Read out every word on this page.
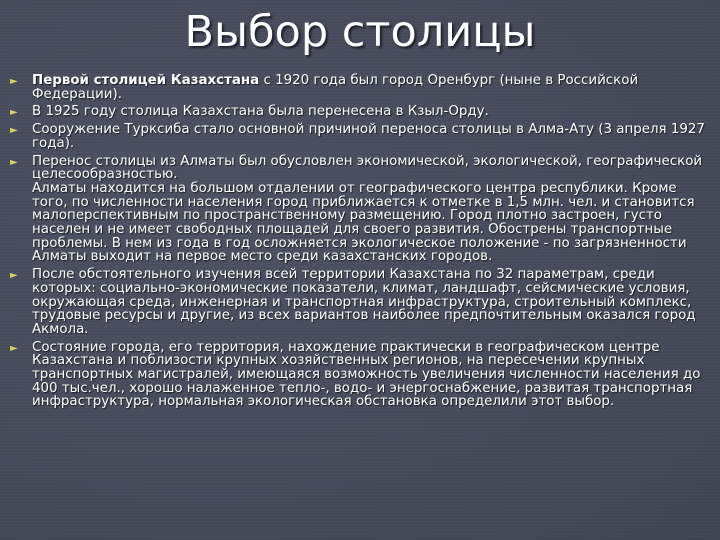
Выбор столицы
► Первой столицей Казахстана с 1920 года был город Оренбург (ныне в Российской Федерации).
► В 1925 году столица Казахстана была перенесена в Кзыл-Орду.
► Сооружение Турксиба стало основной причиной переноса столицы в Алма-Ату (3 апреля 1927 года).
► Перенос столицы из Алматы был обусловлен экономической, экологической, географической целесообразностью.
Алматы находится на большом отдалении от географического центра республики. Кроме того, по численности населения город приближается к отметке в 1,5 млн. чел. и становится малоперспективным по пространственному размещению. Город плотно застроен, густо населен и не имеет свободных площадей для своего развития. Обострены транспортные проблемы. В нем из года в год осложняется экологическое положение - по загрязненности Алматы выходит на первое место среди казахстанских городов.
► После обстоятельного изучения всей территории Казахстана по 32 параметрам, среди которых: социально-экономические показатели, климат, ландшафт, сейсмические условия, окружающая среда, инженерная и транспортная инфраструктура, строительный комплекс, трудовые ресурсы и другие, из всех вариантов наиболее предпочтительным оказался город Акмола.
► Состояние города, его территория, нахождение практически в географическом центре Казахстана и поблизости крупных хозяйственных регионов, на пересечении крупных транспортных магистралей, имеющаяся возможность увеличения численности населения до 400 тыс.чел., хорошо налаженное тепло-, водо- и энергоснабжение, развитая транспортная инфраструктура, нормальная экологическая обстановка определили этот выбор.
